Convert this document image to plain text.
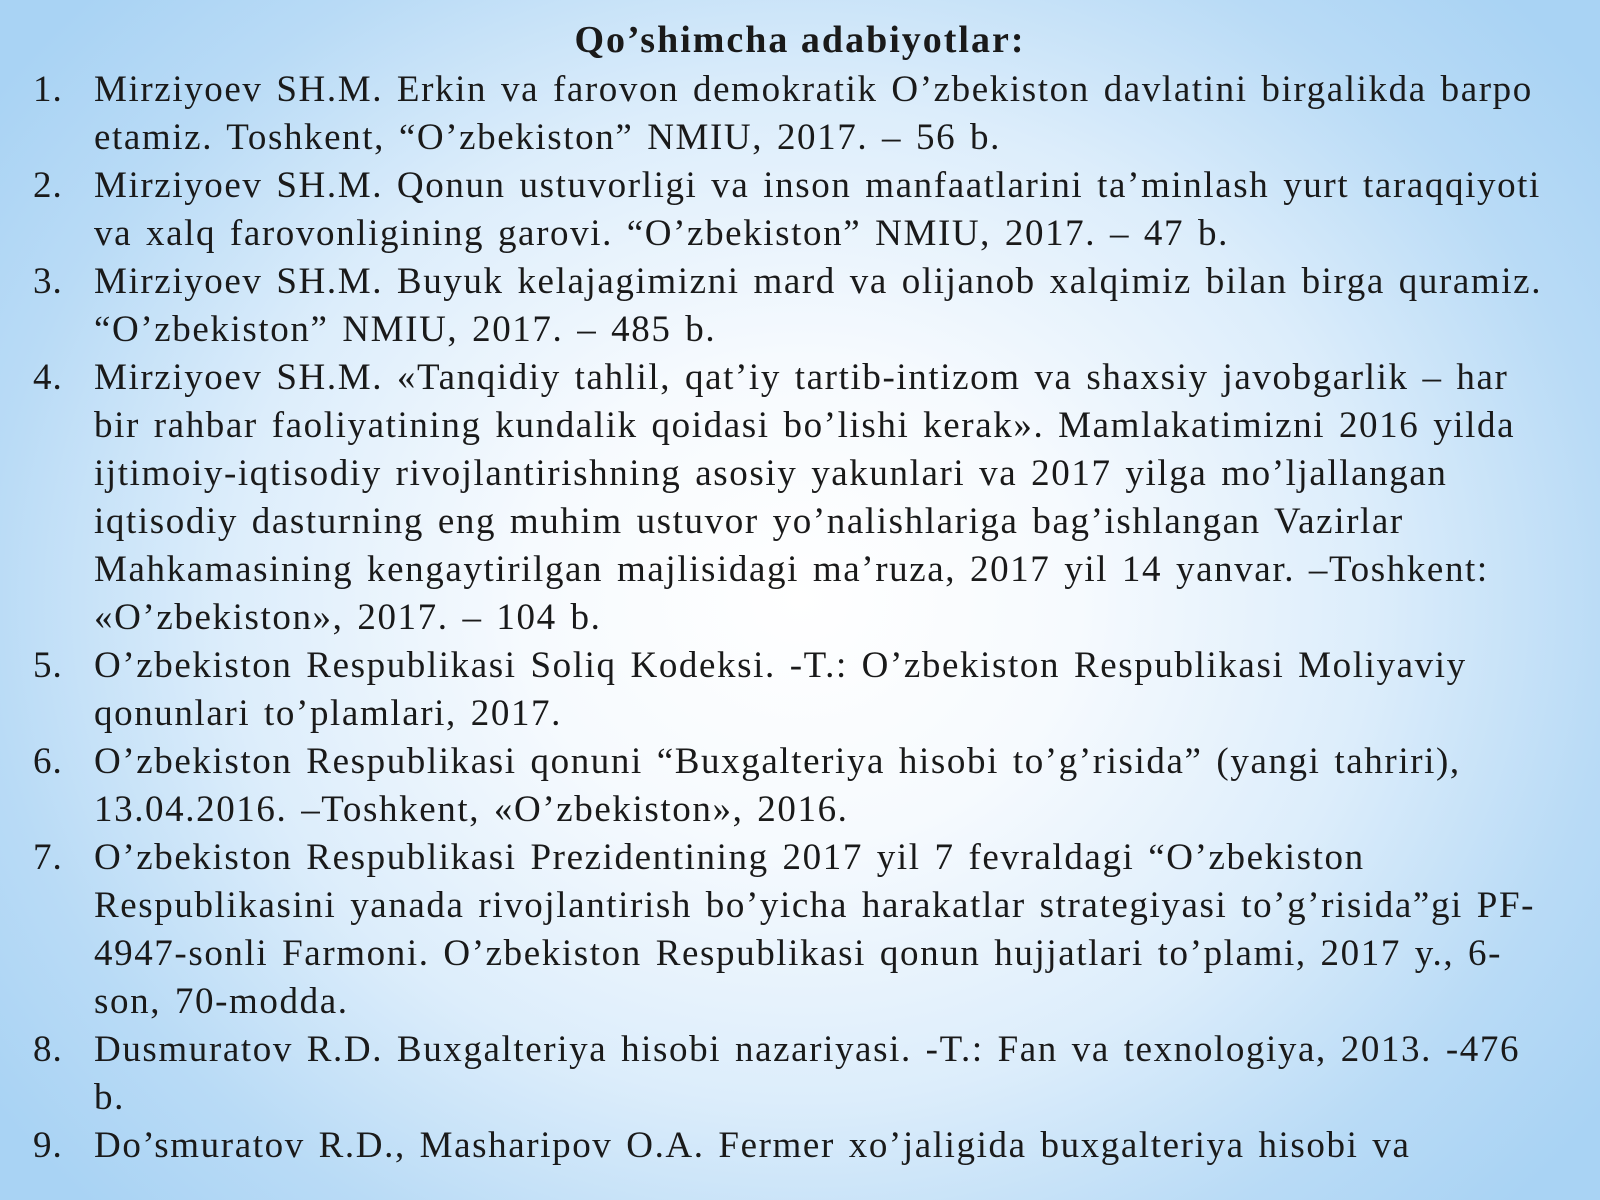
Qo’shimcha adabiyotlar:
1. Mirziyoev SH.M. Erkin va farovon demokratik O’zbekiston davlatini birgalikda barpo etamiz. Toshkent, “O’zbekiston” NMIU, 2017. – 56 b.
2. Mirziyoev SH.M. Qonun ustuvorligi va inson manfaatlarini ta’minlash yurt taraqqiyoti va xalq farovonligining garovi. “O’zbekiston” NMIU, 2017. – 47 b.
3. Mirziyoev SH.M. Buyuk kelajagimizni mard va olijanob xalqimiz bilan birga quramiz. “O’zbekiston” NMIU, 2017. – 485 b.
4. Mirziyoev SH.M. «Tanqidiy tahlil, qat’iy tartib-intizom va shaxsiy javobgarlik – har bir rahbar faoliyatining kundalik qoidasi bo’lishi kerak». Mamlakatimizni 2016 yilda ijtimoiy-iqtisodiy rivojlantirishning asosiy yakunlari va 2017 yilga mo’ljallangan iqtisodiy dasturning eng muhim ustuvor yo’nalishlariga bag’ishlangan Vazirlar Mahkamasining kengaytirilgan majlisidagi ma’ruza, 2017 yil 14 yanvar. –Toshkent: «O’zbekiston», 2017. – 104 b.
5. O’zbekiston Respublikasi Soliq Kodeksi. -T.: O’zbekiston Respublikasi Moliyaviy qonunlari to’plamlari, 2017.
6. O’zbekiston Respublikasi qonuni “Buxgalteriya hisobi to’g’risida” (yangi tahriri), 13.04.2016. –Toshkent, «O’zbekiston», 2016.
7. O’zbekiston Respublikasi Prezidentining 2017 yil 7 fevraldagi “O’zbekiston Respublikasini yanada rivojlantirish bo’yicha harakatlar strategiyasi to’g’risida”gi PF-4947-sonli Farmoni. O’zbekiston Respublikasi qonun hujjatlari to’plami, 2017 y., 6-son, 70-modda.
8. Dusmuratov R.D. Buxgalteriya hisobi nazariyasi. -T.: Fan va texnologiya, 2013. -476 b.
9. Do’smuratov R.D., Masharipov O.A. Fermer xo’jaligida buxgalteriya hisobi va
